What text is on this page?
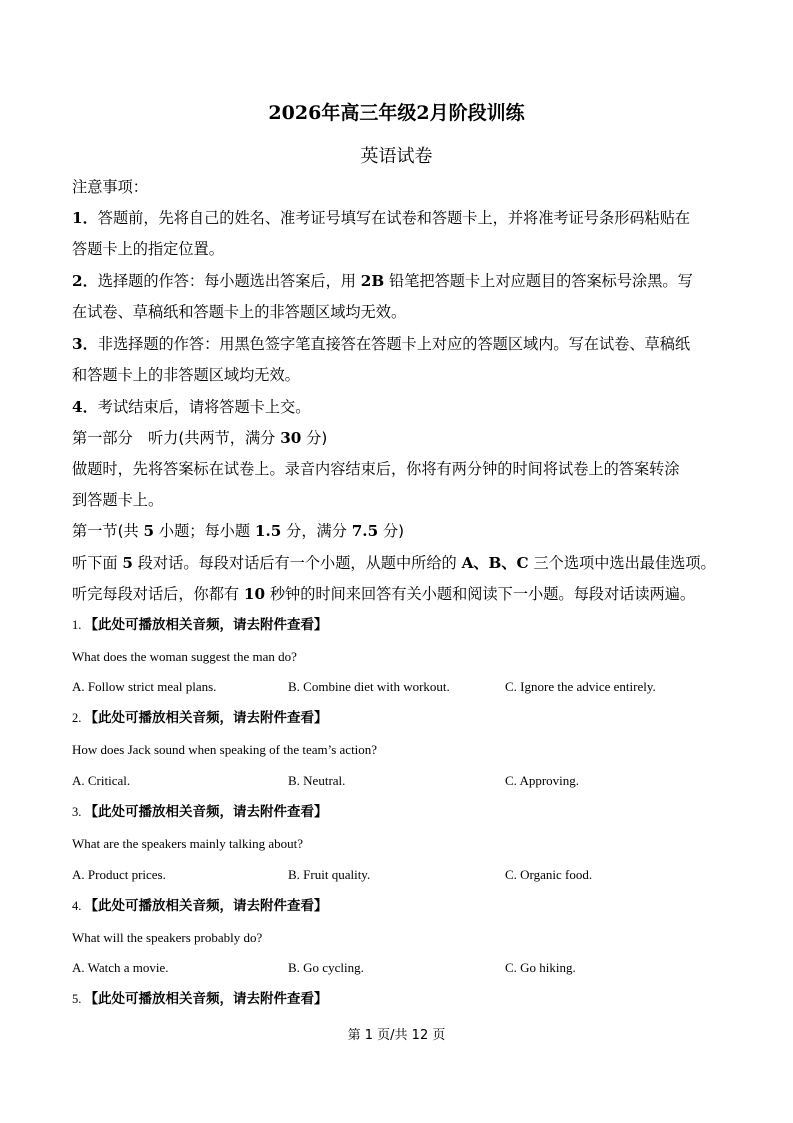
2026年高三年级2月阶段训练
英语试卷
注意事项：
1．答题前，先将自己的姓名、准考证号填写在试卷和答题卡上，并将准考证号条形码粘贴在
答题卡上的指定位置。
2．选择题的作答：每小题选出答案后，用 2B 铅笔把答题卡上对应题目的答案标号涂黑。写
在试卷、草稿纸和答题卡上的非答题区域均无效。
3．非选择题的作答：用黑色签字笔直接答在答题卡上对应的答题区域内。写在试卷、草稿纸
和答题卡上的非答题区域均无效。
4．考试结束后，请将答题卡上交。
第一部分　听力(共两节，满分 30 分)
做题时，先将答案标在试卷上。录音内容结束后，你将有两分钟的时间将试卷上的答案转涂
到答题卡上。
第一节(共 5 小题；每小题 1.5 分，满分 7.5 分)
听下面 5 段对话。每段对话后有一个小题，从题中所给的 A、B、C 三个选项中选出最佳选项。
听完每段对话后，你都有 10 秒钟的时间来回答有关小题和阅读下一小题。每段对话读两遍。
1. 【此处可播放相关音频，请去附件查看】
What does the woman suggest the man do?
A. Follow strict meal plans.	B. Combine diet with workout.	C. Ignore the advice entirely.
2. 【此处可播放相关音频，请去附件查看】
How does Jack sound when speaking of the team’s action?
A. Critical.	B. Neutral.	C. Approving.
3. 【此处可播放相关音频，请去附件查看】
What are the speakers mainly talking about?
A. Product prices.	B. Fruit quality.	C. Organic food.
4. 【此处可播放相关音频，请去附件查看】
What will the speakers probably do?
A. Watch a movie.	B. Go cycling.	C. Go hiking.
5. 【此处可播放相关音频，请去附件查看】
第 1 页/共 12 页
